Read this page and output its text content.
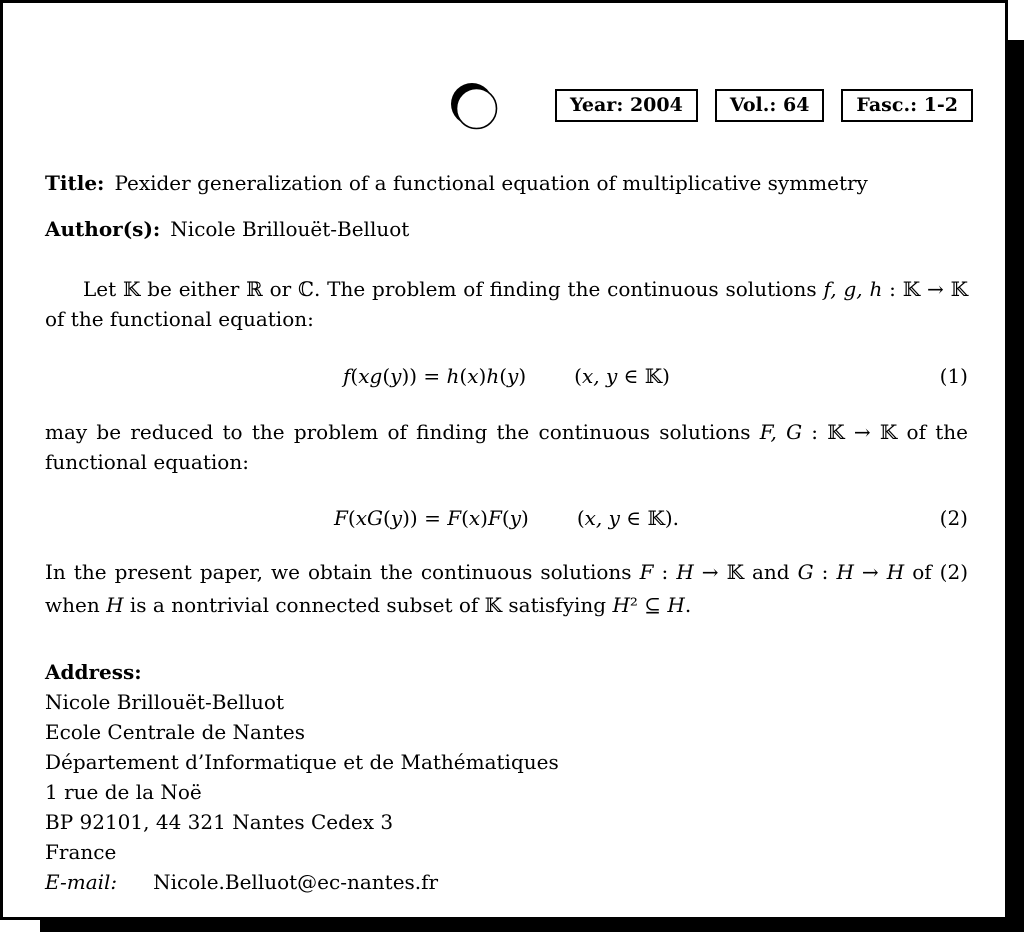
Year: 2004	Vol.: 64	Fasc.: 1-2

Title: Pexider generalization of a functional equation of multiplicative symmetry

Author(s): Nicole Brillouët-Belluot

Let 𝕂 be either ℝ or ℂ. The problem of finding the continuous solutions f, g, h : 𝕂 → 𝕂 of the functional equation:

f(xg(y)) = h(x)h(y) (x, y ∈ 𝕂)	(1)

may be reduced to the problem of finding the continuous solutions F, G : 𝕂 → 𝕂 of the functional equation:

F(xG(y)) = F(x)F(y) (x, y ∈ 𝕂).	(2)

In the present paper, we obtain the continuous solutions F : H → 𝕂 and G : H → H of (2) when H is a nontrivial connected subset of 𝕂 satisfying H² ⊆ H.

Address:

Nicole Brillouët-Belluot

Ecole Centrale de Nantes

Département d’Informatique et de Mathématiques

1 rue de la Noë

BP 92101, 44 321 Nantes Cedex 3

France

E-mail: Nicole.Belluot@ec-nantes.fr
